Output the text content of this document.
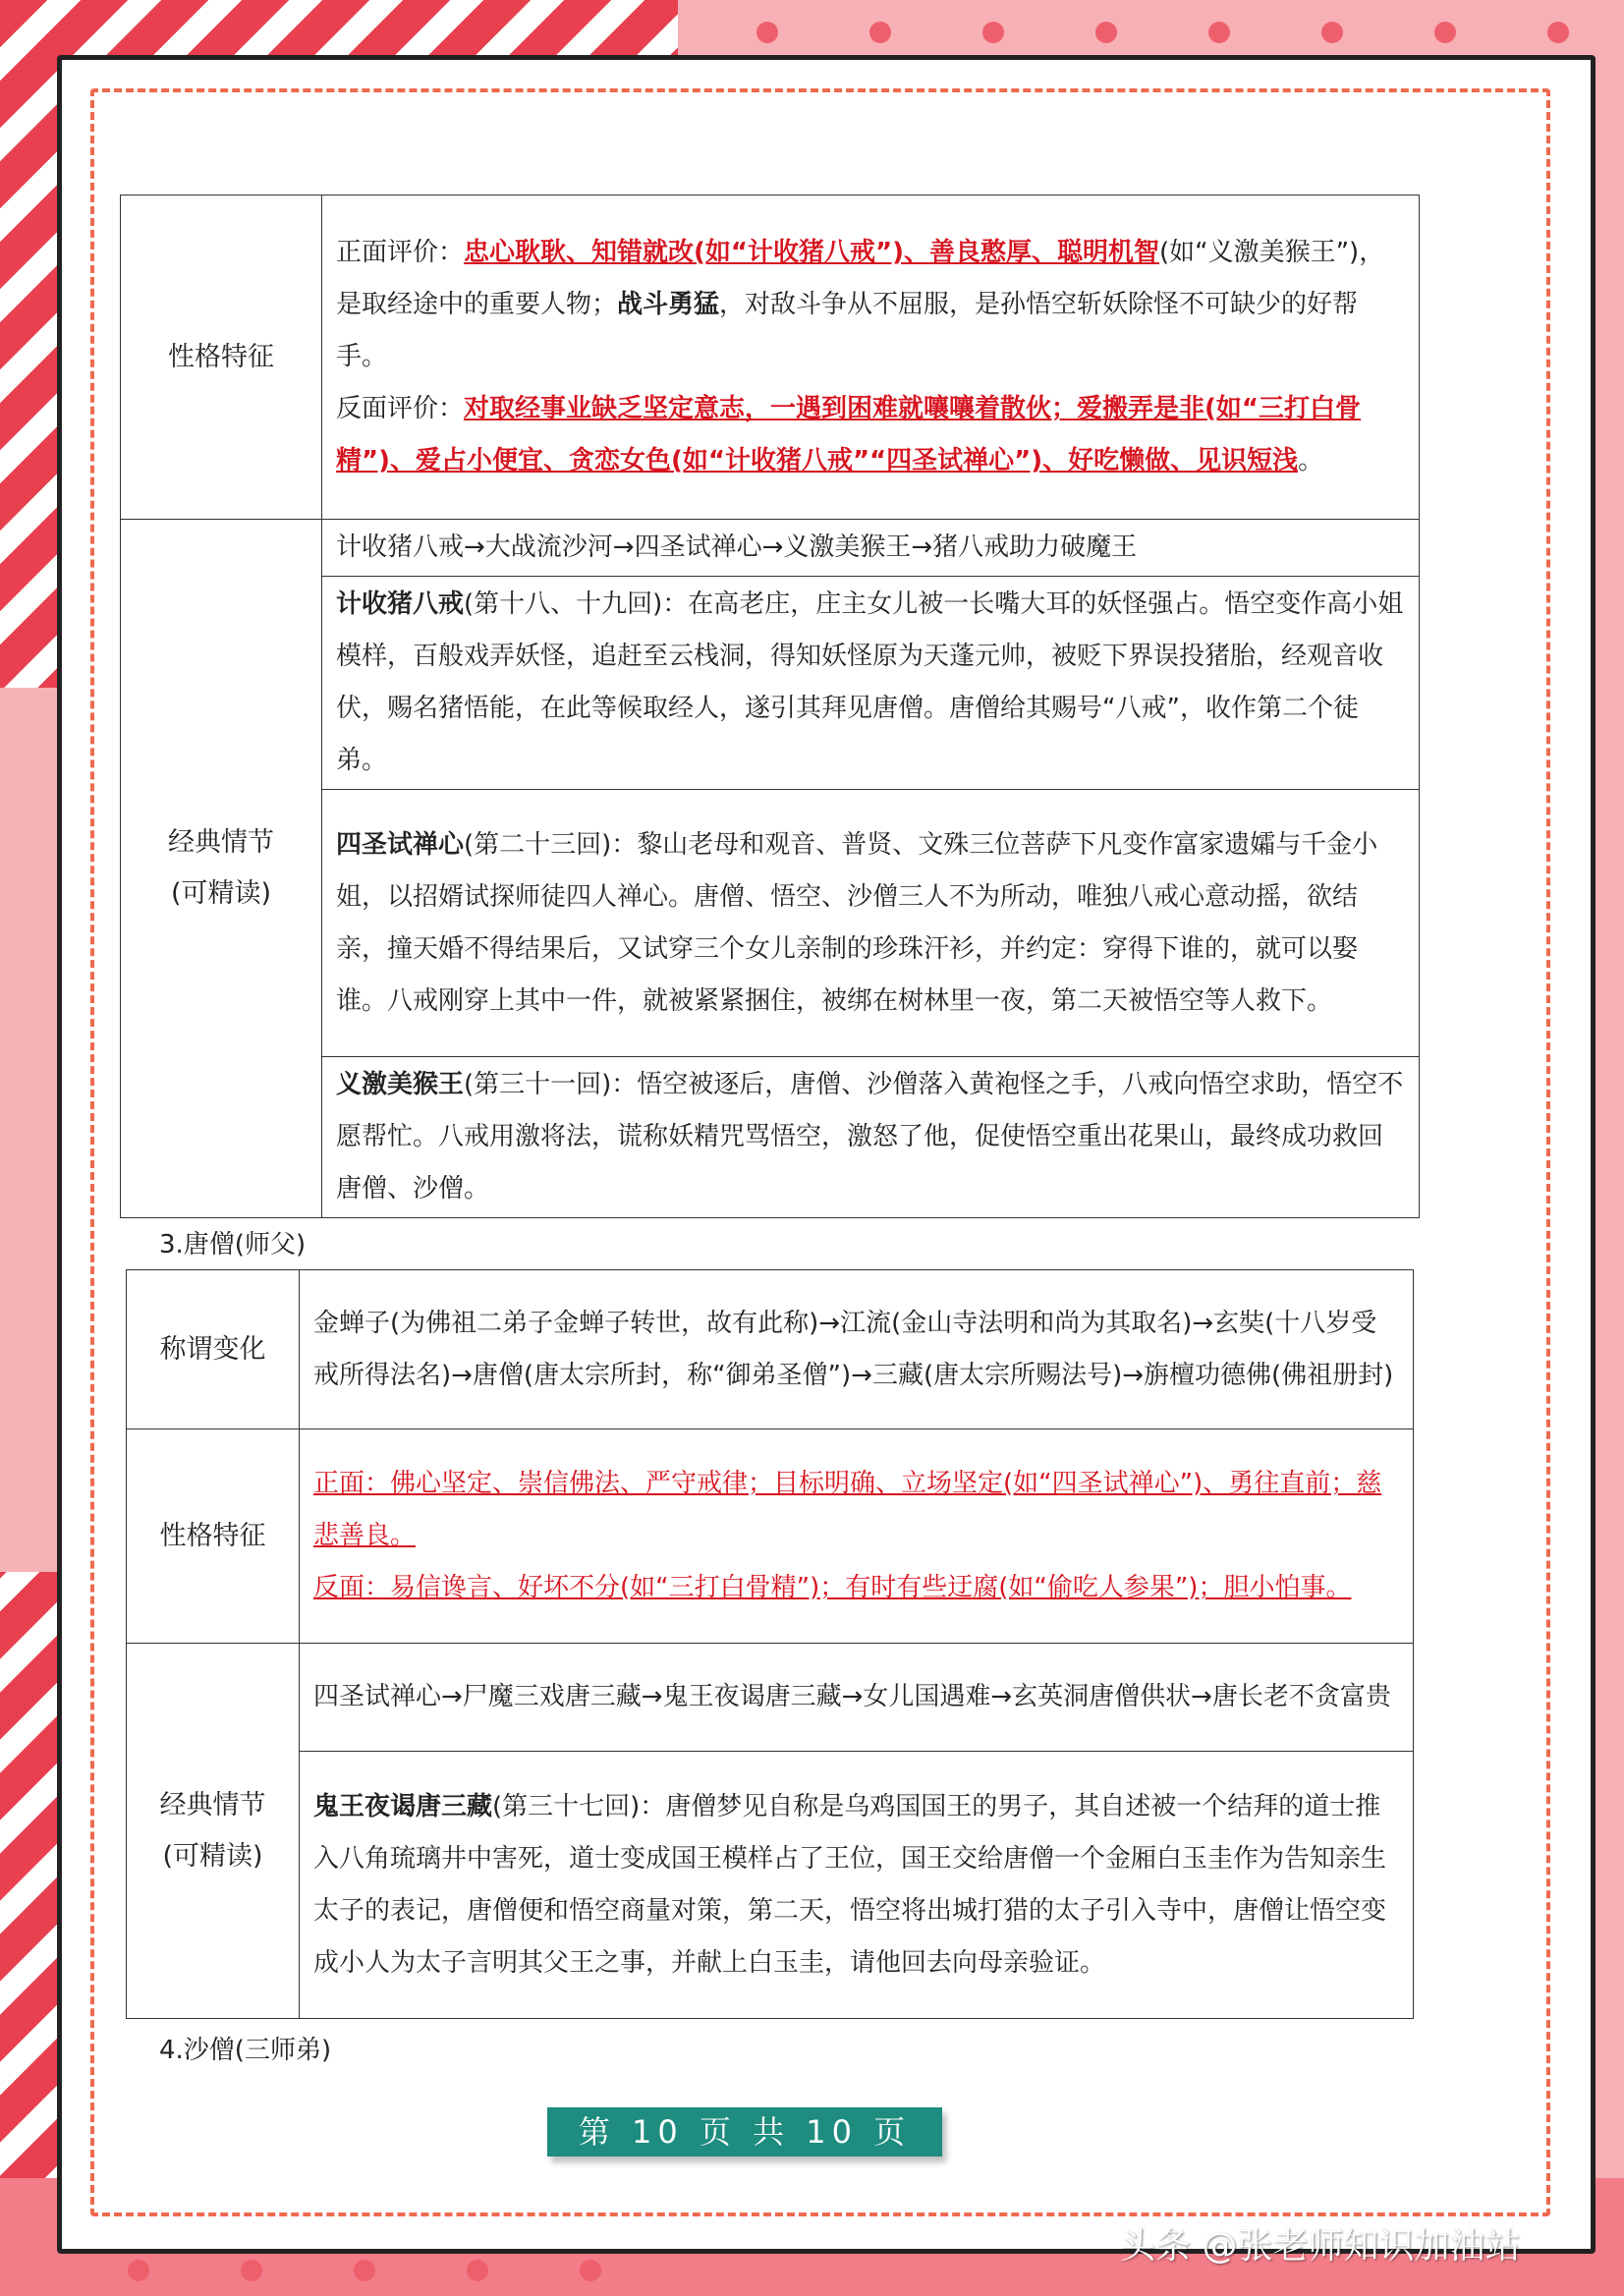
性格特征	正面评价：忠心耿耿、知错就改(如“计收猪八戒”)、善良憨厚、聪明机智(如“义激美猴王”)，是取经途中的重要人物；战斗勇猛，对敌斗争从不屈服，是孙悟空斩妖除怪不可缺少的好帮手。
反面评价：对取经事业缺乏坚定意志，一遇到困难就嚷嚷着散伙；爱搬弄是非(如“三打白骨精”)、爱占小便宜、贪恋女色(如“计收猪八戒”“四圣试禅心”)、好吃懒做、见识短浅。
经典情节
(可精读)	计收猪八戒→大战流沙河→四圣试禅心→义激美猴王→猪八戒助力破魔王
	计收猪八戒(第十八、十九回)：在高老庄，庄主女儿被一长嘴大耳的妖怪强占。悟空变作高小姐模样，百般戏弄妖怪，追赶至云栈洞，得知妖怪原为天蓬元帅，被贬下界误投猪胎，经观音收伏，赐名猪悟能，在此等候取经人，遂引其拜见唐僧。唐僧给其赐号“八戒”，收作第二个徒弟。
	四圣试禅心(第二十三回)：黎山老母和观音、普贤、文殊三位菩萨下凡变作富家遗孀与千金小姐，以招婿试探师徒四人禅心。唐僧、悟空、沙僧三人不为所动，唯独八戒心意动摇，欲结亲，撞天婚不得结果后，又试穿三个女儿亲制的珍珠汗衫，并约定：穿得下谁的，就可以娶谁。八戒刚穿上其中一件，就被紧紧捆住，被绑在树林里一夜，第二天被悟空等人救下。
	义激美猴王(第三十一回)：悟空被逐后，唐僧、沙僧落入黄袍怪之手，八戒向悟空求助，悟空不愿帮忙。八戒用激将法，谎称妖精咒骂悟空，激怒了他，促使悟空重出花果山，最终成功救回唐僧、沙僧。
3.唐僧(师父)
称谓变化	金蝉子(为佛祖二弟子金蝉子转世，故有此称)→江流(金山寺法明和尚为其取名)→玄奘(十八岁受戒所得法名)→唐僧(唐太宗所封，称“御弟圣僧”)→三藏(唐太宗所赐法号)→旃檀功德佛(佛祖册封)
性格特征	正面：佛心坚定、崇信佛法、严守戒律；目标明确、立场坚定(如“四圣试禅心”)、勇往直前；慈悲善良。
反面：易信谗言、好坏不分(如“三打白骨精”)；有时有些迂腐(如“偷吃人参果”)；胆小怕事。
经典情节
(可精读)	四圣试禅心→尸魔三戏唐三藏→鬼王夜谒唐三藏→女儿国遇难→玄英洞唐僧供状→唐长老不贪富贵
	鬼王夜谒唐三藏(第三十七回)：唐僧梦见自称是乌鸡国国王的男子，其自述被一个结拜的道士推入八角琉璃井中害死，道士变成国王模样占了王位，国王交给唐僧一个金厢白玉圭作为告知亲生太子的表记，唐僧便和悟空商量对策，第二天，悟空将出城打猎的太子引入寺中，唐僧让悟空变成小人为太子言明其父王之事，并献上白玉圭，请他回去向母亲验证。
4.沙僧(三师弟)
第 10 页 共 10 页
头条 @张老师知识加油站
